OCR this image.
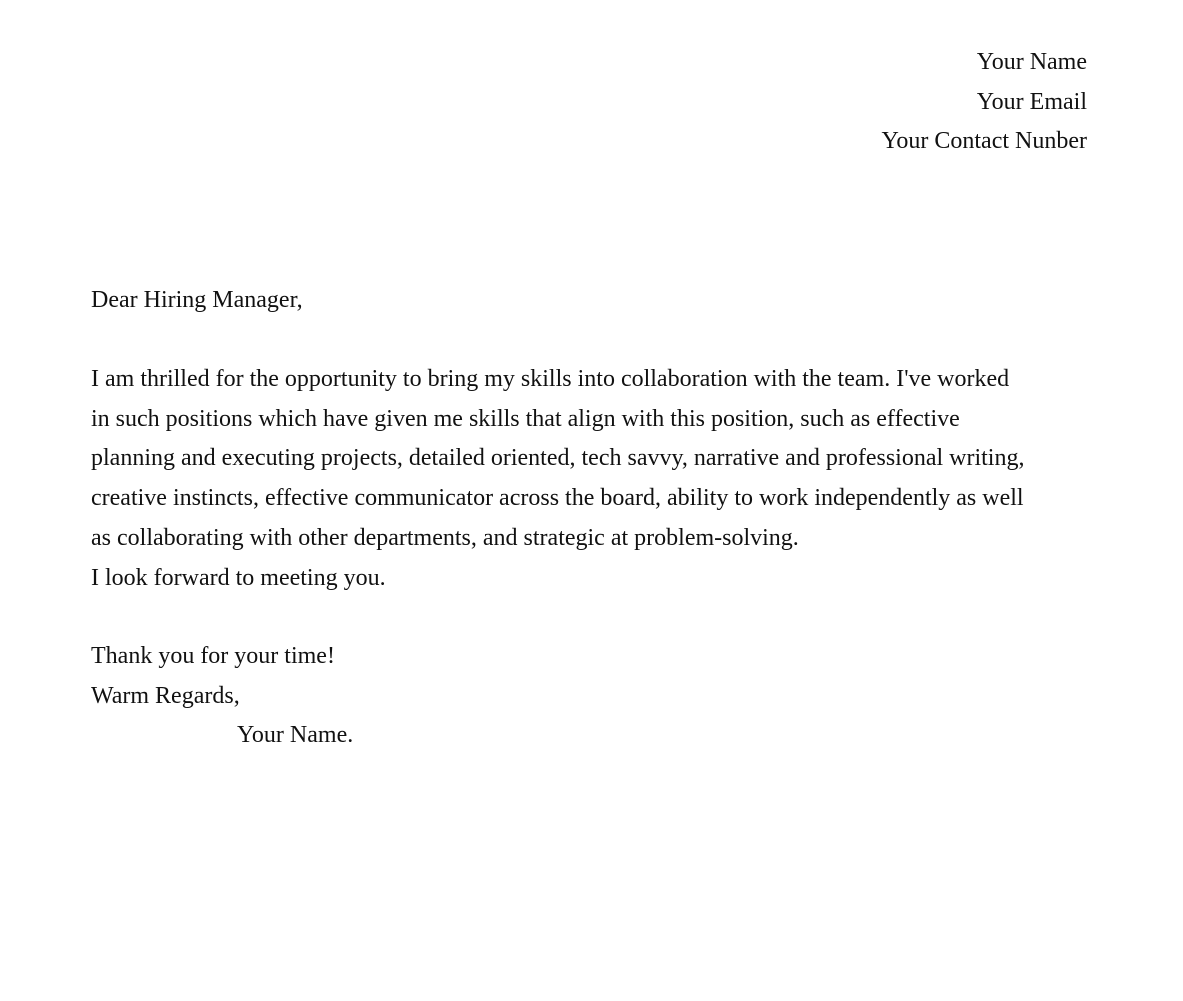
Your Name
Your Email
Your Contact Nunber
Dear Hiring Manager,
I am thrilled for the opportunity to bring my skills into collaboration with the team. I've worked
in such positions which have given me skills that align with this position, such as effective
planning and executing projects, detailed oriented, tech savvy, narrative and professional writing,
creative instincts, effective communicator across the board, ability to work independently as well
as collaborating with other departments, and strategic at problem-solving.
I look forward to meeting you.
Thank you for your time!
Warm Regards,
Your Name.
